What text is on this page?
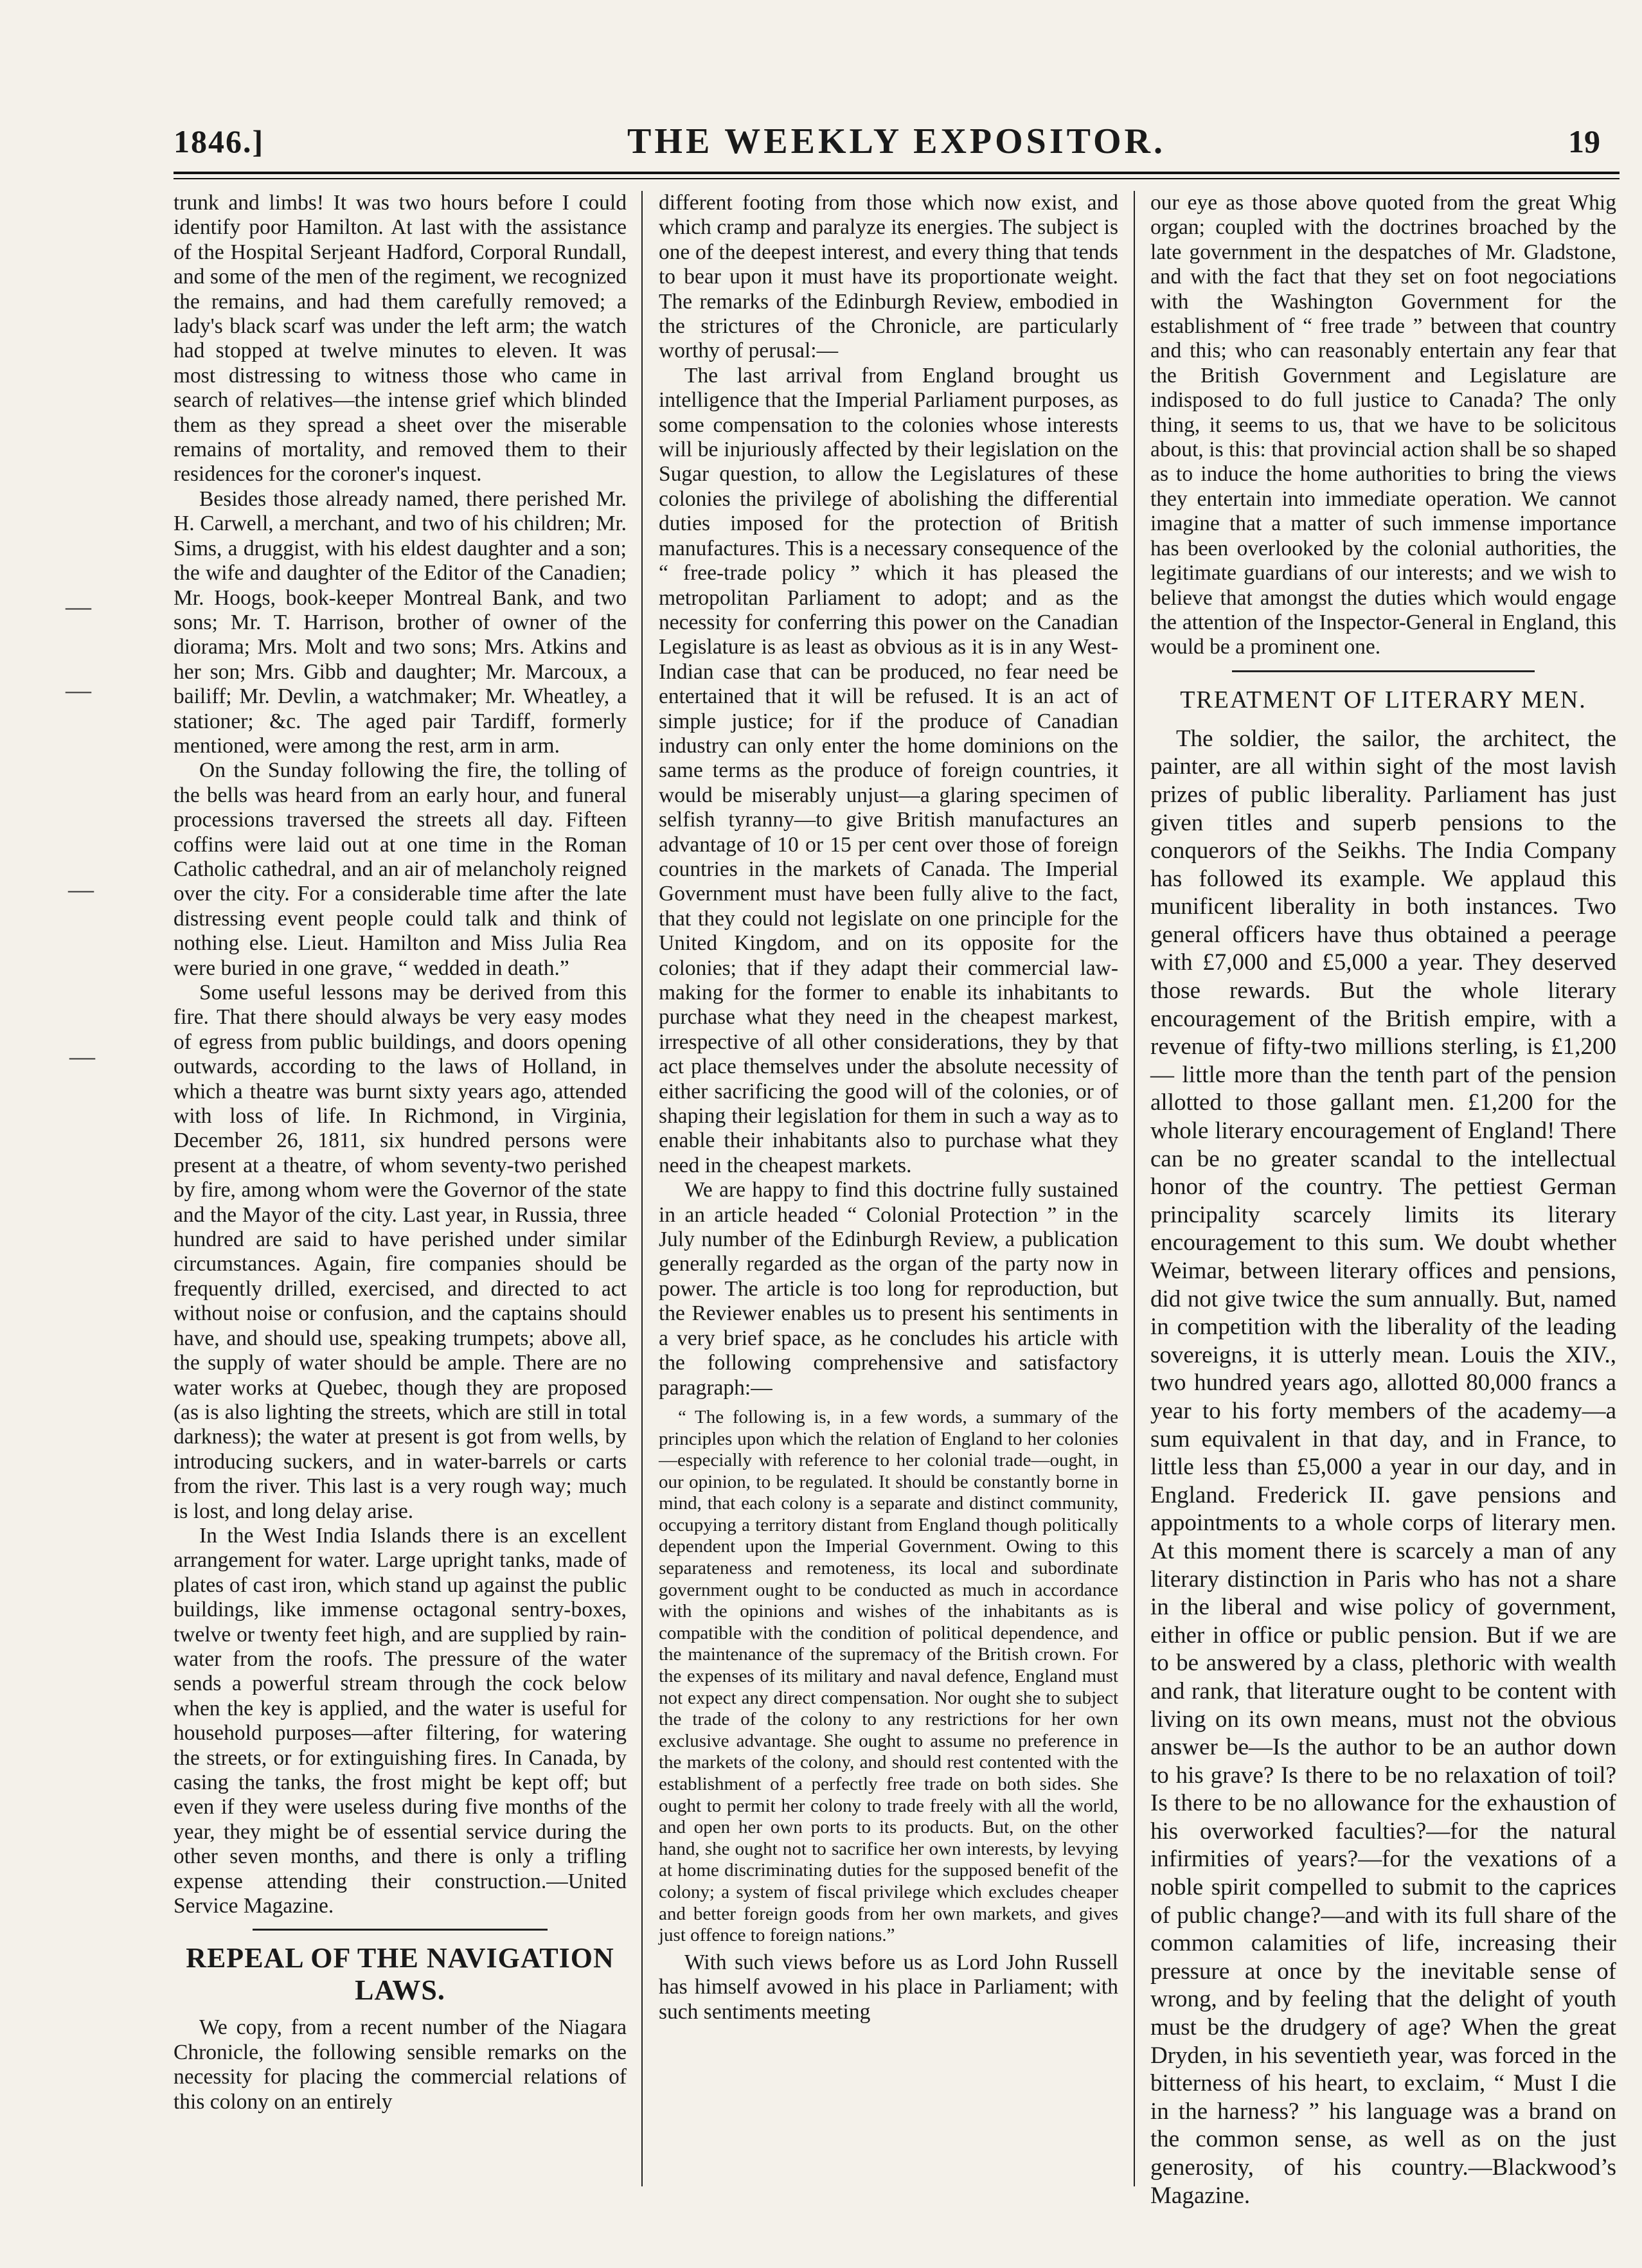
—
—
—
—
1846.]	THE WEEKLY EXPOSITOR.	19

trunk and limbs! It was two hours before I could identify poor Hamilton. At last with the assistance of the Hospital Serjeant Hadford, Corporal Rundall, and some of the men of the regiment, we recognized the remains, and had them carefully removed; a lady's black scarf was under the left arm; the watch had stopped at twelve minutes to eleven. It was most distressing to witness those who came in search of relatives—the intense grief which blinded them as they spread a sheet over the miserable remains of mortality, and removed them to their residences for the coroner's inquest.

Besides those already named, there perished Mr. H. Carwell, a merchant, and two of his children; Mr. Sims, a druggist, with his eldest daughter and a son; the wife and daughter of the Editor of the Canadien; Mr. Hoogs, book-keeper Montreal Bank, and two sons; Mr. T. Harrison, brother of owner of the diorama; Mrs. Molt and two sons; Mrs. Atkins and her son; Mrs. Gibb and daughter; Mr. Marcoux, a bailiff; Mr. Devlin, a watchmaker; Mr. Wheatley, a stationer; &c. The aged pair Tardiff, formerly mentioned, were among the rest, arm in arm.

On the Sunday following the fire, the tolling of the bells was heard from an early hour, and funeral processions traversed the streets all day. Fifteen coffins were laid out at one time in the Roman Catholic cathedral, and an air of melancholy reigned over the city. For a considerable time after the late distressing event people could talk and think of nothing else. Lieut. Hamilton and Miss Julia Rea were buried in one grave, “ wedded in death.”

Some useful lessons may be derived from this fire. That there should always be very easy modes of egress from public buildings, and doors opening outwards, according to the laws of Holland, in which a theatre was burnt sixty years ago, attended with loss of life. In Richmond, in Virginia, December 26, 1811, six hundred persons were present at a theatre, of whom seventy-two perished by fire, among whom were the Governor of the state and the Mayor of the city. Last year, in Russia, three hundred are said to have perished under similar circumstances. Again, fire companies should be frequently drilled, exercised, and directed to act without noise or confusion, and the captains should have, and should use, speaking trumpets; above all, the supply of water should be ample. There are no water works at Quebec, though they are proposed (as is also lighting the streets, which are still in total darkness); the water at present is got from wells, by introducing suckers, and in water-barrels or carts from the river. This last is a very rough way; much is lost, and long delay arise.

In the West India Islands there is an excellent arrangement for water. Large upright tanks, made of plates of cast iron, which stand up against the public buildings, like immense octagonal sentry-boxes, twelve or twenty feet high, and are supplied by rain-water from the roofs. The pressure of the water sends a powerful stream through the cock below when the key is applied, and the water is useful for household purposes—after filtering, for watering the streets, or for extinguishing fires. In Canada, by casing the tanks, the frost might be kept off; but even if they were useless during five months of the year, they might be of essential service during the other seven months, and there is only a trifling expense attending their construction.—United Service Magazine.

REPEAL OF THE NAVIGATION LAWS.

We copy, from a recent number of the Niagara Chronicle, the following sensible remarks on the necessity for placing the commercial relations of this colony on an entirely

different footing from those which now exist, and which cramp and paralyze its energies. The subject is one of the deepest interest, and every thing that tends to bear upon it must have its proportionate weight. The remarks of the Edinburgh Review, embodied in the strictures of the Chronicle, are particularly worthy of perusal:—

The last arrival from England brought us intelligence that the Imperial Parliament purposes, as some compensation to the colonies whose interests will be injuriously affected by their legislation on the Sugar question, to allow the Legislatures of these colonies the privilege of abolishing the differential duties imposed for the protection of British manufactures. This is a necessary consequence of the “ free-trade policy ” which it has pleased the metropolitan Parliament to adopt; and as the necessity for conferring this power on the Canadian Legislature is as least as obvious as it is in any West-Indian case that can be produced, no fear need be entertained that it will be refused. It is an act of simple justice; for if the produce of Canadian industry can only enter the home dominions on the same terms as the produce of foreign countries, it would be miserably unjust—a glaring specimen of selfish tyranny—to give British manufactures an advantage of 10 or 15 per cent over those of foreign countries in the markets of Canada. The Imperial Government must have been fully alive to the fact, that they could not legislate on one principle for the United Kingdom, and on its opposite for the colonies; that if they adapt their commercial law-making for the former to enable its inhabitants to purchase what they need in the cheapest markest, irrespective of all other considerations, they by that act place themselves under the absolute necessity of either sacrificing the good will of the colonies, or of shaping their legislation for them in such a way as to enable their inhabitants also to purchase what they need in the cheapest markets.

We are happy to find this doctrine fully sustained in an article headed “ Colonial Protection ” in the July number of the Edinburgh Review, a publication generally regarded as the organ of the party now in power. The article is too long for reproduction, but the Reviewer enables us to present his sentiments in a very brief space, as he concludes his article with the following comprehensive and satisfactory paragraph:—

“ The following is, in a few words, a summary of the principles upon which the relation of England to her colonies—especially with reference to her colonial trade—ought, in our opinion, to be regulated. It should be constantly borne in mind, that each colony is a separate and distinct community, occupying a territory distant from England though politically dependent upon the Imperial Government. Owing to this separateness and remoteness, its local and subordinate government ought to be conducted as much in accordance with the opinions and wishes of the inhabitants as is compatible with the condition of political dependence, and the maintenance of the supremacy of the British crown. For the expenses of its military and naval defence, England must not expect any direct compensation. Nor ought she to subject the trade of the colony to any restrictions for her own exclusive advantage. She ought to assume no preference in the markets of the colony, and should rest contented with the establishment of a perfectly free trade on both sides. She ought to permit her colony to trade freely with all the world, and open her own ports to its products. But, on the other hand, she ought not to sacrifice her own interests, by levying at home discriminating duties for the supposed benefit of the colony; a system of fiscal privilege which excludes cheaper and better foreign goods from her own markets, and gives just offence to foreign nations.”

With such views before us as Lord John Russell has himself avowed in his place in Parliament; with such sentiments meeting

our eye as those above quoted from the great Whig organ; coupled with the doctrines broached by the late government in the despatches of Mr. Gladstone, and with the fact that they set on foot negociations with the Washington Government for the establishment of “ free trade ” between that country and this; who can reasonably entertain any fear that the British Government and Legislature are indisposed to do full justice to Canada? The only thing, it seems to us, that we have to be solicitous about, is this: that provincial action shall be so shaped as to induce the home authorities to bring the views they entertain into immediate operation. We cannot imagine that a matter of such immense importance has been overlooked by the colonial authorities, the legitimate guardians of our interests; and we wish to believe that amongst the duties which would engage the attention of the Inspector-General in England, this would be a prominent one.

TREATMENT OF LITERARY MEN.

The soldier, the sailor, the architect, the painter, are all within sight of the most lavish prizes of public liberality. Parliament has just given titles and superb pensions to the conquerors of the Seikhs. The India Company has followed its example. We applaud this munificent liberality in both instances. Two general officers have thus obtained a peerage with £7,000 and £5,000 a year. They deserved those rewards. But the whole literary encouragement of the British empire, with a revenue of fifty-two millions sterling, is £1,200— little more than the tenth part of the pension allotted to those gallant men. £1,200 for the whole literary encouragement of England! There can be no greater scandal to the intellectual honor of the country. The pettiest German principality scarcely limits its literary encouragement to this sum. We doubt whether Weimar, between literary offices and pensions, did not give twice the sum annually. But, named in competition with the liberality of the leading sovereigns, it is utterly mean. Louis the XIV., two hundred years ago, allotted 80,000 francs a year to his forty members of the academy—a sum equivalent in that day, and in France, to little less than £5,000 a year in our day, and in England. Frederick II. gave pensions and appointments to a whole corps of literary men. At this moment there is scarcely a man of any literary distinction in Paris who has not a share in the liberal and wise policy of government, either in office or public pension. But if we are to be answered by a class, plethoric with wealth and rank, that literature ought to be content with living on its own means, must not the obvious answer be—Is the author to be an author down to his grave? Is there to be no relaxation of toil? Is there to be no allowance for the exhaustion of his overworked faculties?—for the natural infirmities of years?—for the vexations of a noble spirit compelled to submit to the caprices of public change?—and with its full share of the common calamities of life, increasing their pressure at once by the inevitable sense of wrong, and by feeling that the delight of youth must be the drudgery of age? When the great Dryden, in his seventieth year, was forced in the bitterness of his heart, to exclaim, “ Must I die in the harness? ” his language was a brand on the common sense, as well as on the just generosity, of his country.—Blackwood’s Magazine.
